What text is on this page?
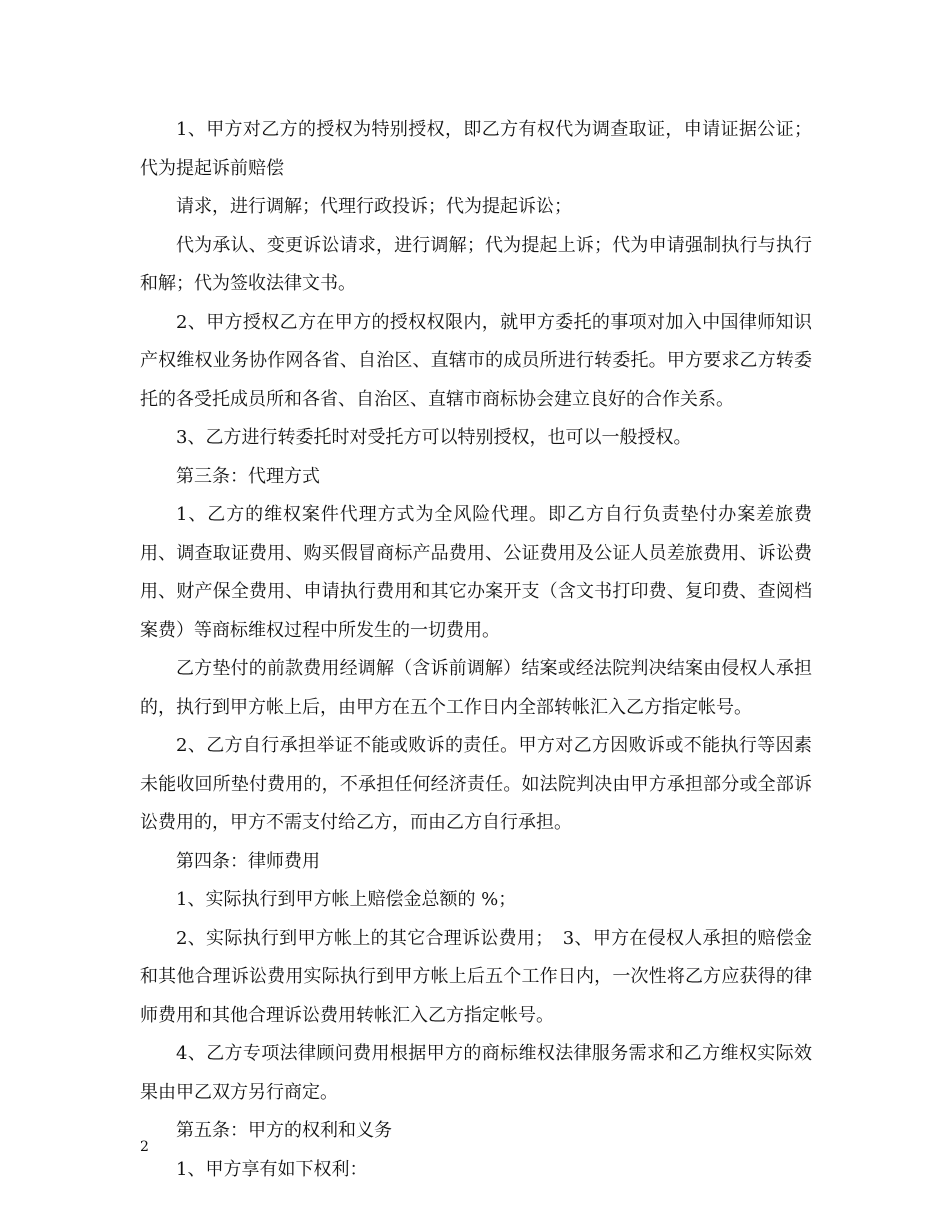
1、甲方对乙方的授权为特别授权，即乙方有权代为调查取证，申请证据公证；代为提起诉前赔偿

请求，进行调解；代理行政投诉；代为提起诉讼；

代为承认、变更诉讼请求，进行调解；代为提起上诉；代为申请强制执行与执行和解；代为签收法律文书。

2、甲方授权乙方在甲方的授权权限内，就甲方委托的事项对加入中国律师知识产权维权业务协作网各省、自治区、直辖市的成员所进行转委托。甲方要求乙方转委托的各受托成员所和各省、自治区、直辖市商标协会建立良好的合作关系。

3、乙方进行转委托时对受托方可以特别授权，也可以一般授权。

第三条：代理方式

1、乙方的维权案件代理方式为全风险代理。即乙方自行负责垫付办案差旅费用、调查取证费用、购买假冒商标产品费用、公证费用及公证人员差旅费用、诉讼费用、财产保全费用、申请执行费用和其它办案开支（含文书打印费、复印费、查阅档案费）等商标维权过程中所发生的一切费用。

乙方垫付的前款费用经调解（含诉前调解）结案或经法院判决结案由侵权人承担的，执行到甲方帐上后，由甲方在五个工作日内全部转帐汇入乙方指定帐号。

2、乙方自行承担举证不能或败诉的责任。甲方对乙方因败诉或不能执行等因素未能收回所垫付费用的，不承担任何经济责任。如法院判决由甲方承担部分或全部诉讼费用的，甲方不需支付给乙方，而由乙方自行承担。

第四条：律师费用

1、实际执行到甲方帐上赔偿金总额的 %；

2、实际执行到甲方帐上的其它合理诉讼费用；　3、甲方在侵权人承担的赔偿金和其他合理诉讼费用实际执行到甲方帐上后五个工作日内，一次性将乙方应获得的律师费用和其他合理诉讼费用转帐汇入乙方指定帐号。

4、乙方专项法律顾问费用根据甲方的商标维权法律服务需求和乙方维权实际效果由甲乙双方另行商定。

第五条：甲方的权利和义务

1、甲方享有如下权利：

2
